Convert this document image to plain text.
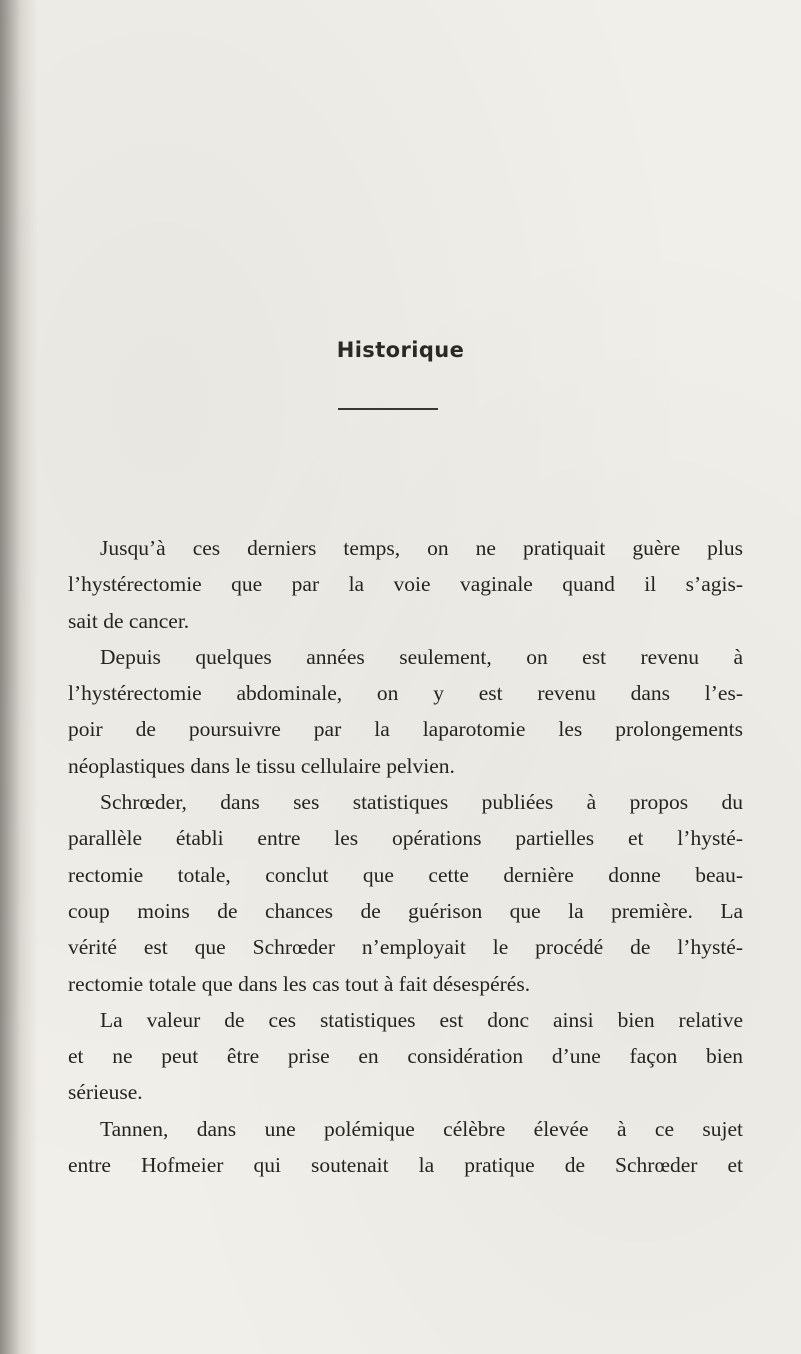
Historique
Jusqu’à ces derniers temps, on ne pratiquait guère plus
l’hystérectomie que par la voie vaginale quand il s’agis-
sait de cancer.
Depuis quelques années seulement, on est revenu à
l’hystérectomie abdominale, on y est revenu dans l’es-
poir de poursuivre par la laparotomie les prolongements
néoplastiques dans le tissu cellulaire pelvien.
Schrœder, dans ses statistiques publiées à propos du
parallèle établi entre les opérations partielles et l’hysté-
rectomie totale, conclut que cette dernière donne beau-
coup moins de chances de guérison que la première. La
vérité est que Schrœder n’employait le procédé de l’hysté-
rectomie totale que dans les cas tout à fait désespérés.
La valeur de ces statistiques est donc ainsi bien relative
et ne peut être prise en considération d’une façon bien
sérieuse.
Tannen, dans une polémique célèbre élevée à ce sujet
entre Hofmeier qui soutenait la pratique de Schrœder et
